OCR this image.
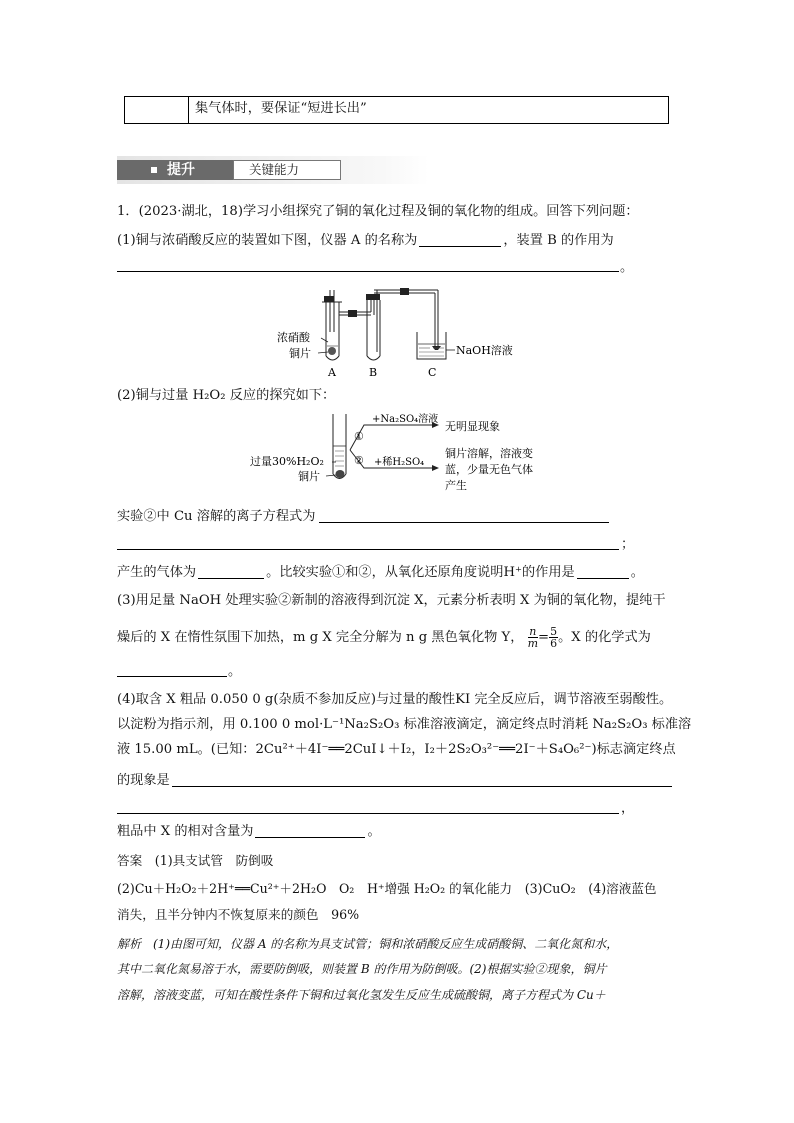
集气体时，要保证“短进长出”
提升	关键能力
1．(2023·湖北，18)学习小组探究了铜的氧化过程及铜的氧化物的组成。回答下列问题：
(1)铜与浓硝酸反应的装置如下图，仪器 A 的名称为	，装置 B 的作用为
。
浓硝酸
铜片	NaOH溶液
A	B	C
(2)铜与过量 H₂O₂ 反应的探究如下：
过量30%H₂O₂
铜片
①
②
+Na₂SO₄溶液
+稀H₂SO₄
无明显现象
铜片溶解，溶液变
蓝，少量无色气体
产生
实验②中 Cu 溶解的离子方程式为
；
产生的气体为	。比较实验①和②，从氧化还原角度说明H⁺的作用是	。
(3)用足量 NaOH 处理实验②新制的溶液得到沉淀 X，元素分析表明 X 为铜的氧化物，提纯干
燥后的 X 在惰性氛围下加热，m g X 完全分解为 n g 黑色氧化物 Y， $\frac{n}{m} = \frac{5}{6}$ 。X 的化学式为
。
(4)取含 X 粗品 0.050 0 g(杂质不参加反应)与过量的酸性KI 完全反应后，调节溶液至弱酸性。
以淀粉为指示剂，用 0.100 0 mol·L⁻¹Na₂S₂O₃ 标准溶液滴定，滴定终点时消耗 Na₂S₂O₃ 标准溶
液 15.00 mL。(已知：2Cu²⁺＋4I⁻══2CuI↓＋I₂，I₂＋2S₂O₃²⁻══2I⁻＋S₄O₆²⁻)标志滴定终点
的现象是
，
粗品中 X 的相对含量为	。
答案　(1)具支试管　防倒吸
(2)Cu＋H₂O₂＋2H⁺══Cu²⁺＋2H₂O　O₂　H⁺增强 H₂O₂ 的氧化能力　(3)CuO₂　(4)溶液蓝色
消失，且半分钟内不恢复原来的颜色　96%
解析　(1)由图可知，仪器 A 的名称为具支试管；铜和浓硝酸反应生成硝酸铜、二氧化氮和水，
其中二氧化氮易溶于水，需要防倒吸，则装置 B 的作用为防倒吸。(2)根据实验②现象，铜片
溶解，溶液变蓝，可知在酸性条件下铜和过氧化氢发生反应生成硫酸铜，离子方程式为 Cu＋
